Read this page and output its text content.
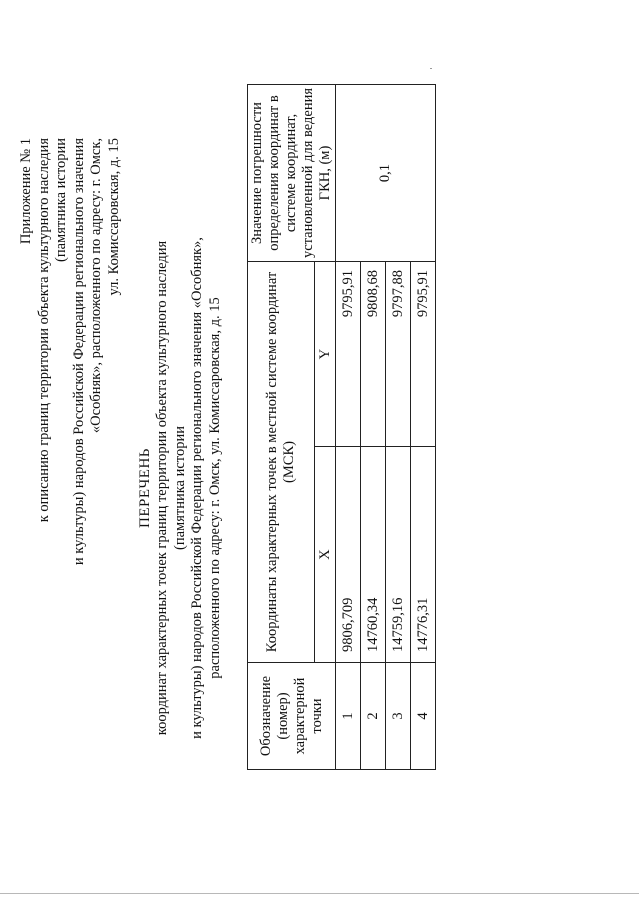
Приложение № 1 к описанию границ территории объекта культурного наследия (памятника истории и культуры) народов Российской Федерации регионального значения «Особняк», расположенного по адресу: г. Омск, ул. Комиссаровская, д. 15
ПЕРЕЧЕНЬ координат характерных точек границ территории объекта культурного наследия (памятника истории и культуры) народов Российской Федерации регионального значения «Особняк», расположенного по адресу: г. Омск, ул. Комиссаровская, д. 15
Обозначение (номер) характерной точки	Координаты характерных точек в местной системе координат (МСК)		Значение погрешности определения координат в системе координат, установленной для ведения ГКН, (м)
	X	Y	
1	9806,709	9795,91	0,1
2	14760,34	9808,68	
3	14759,16	9797,88	
4	14776,31	9795,91	
